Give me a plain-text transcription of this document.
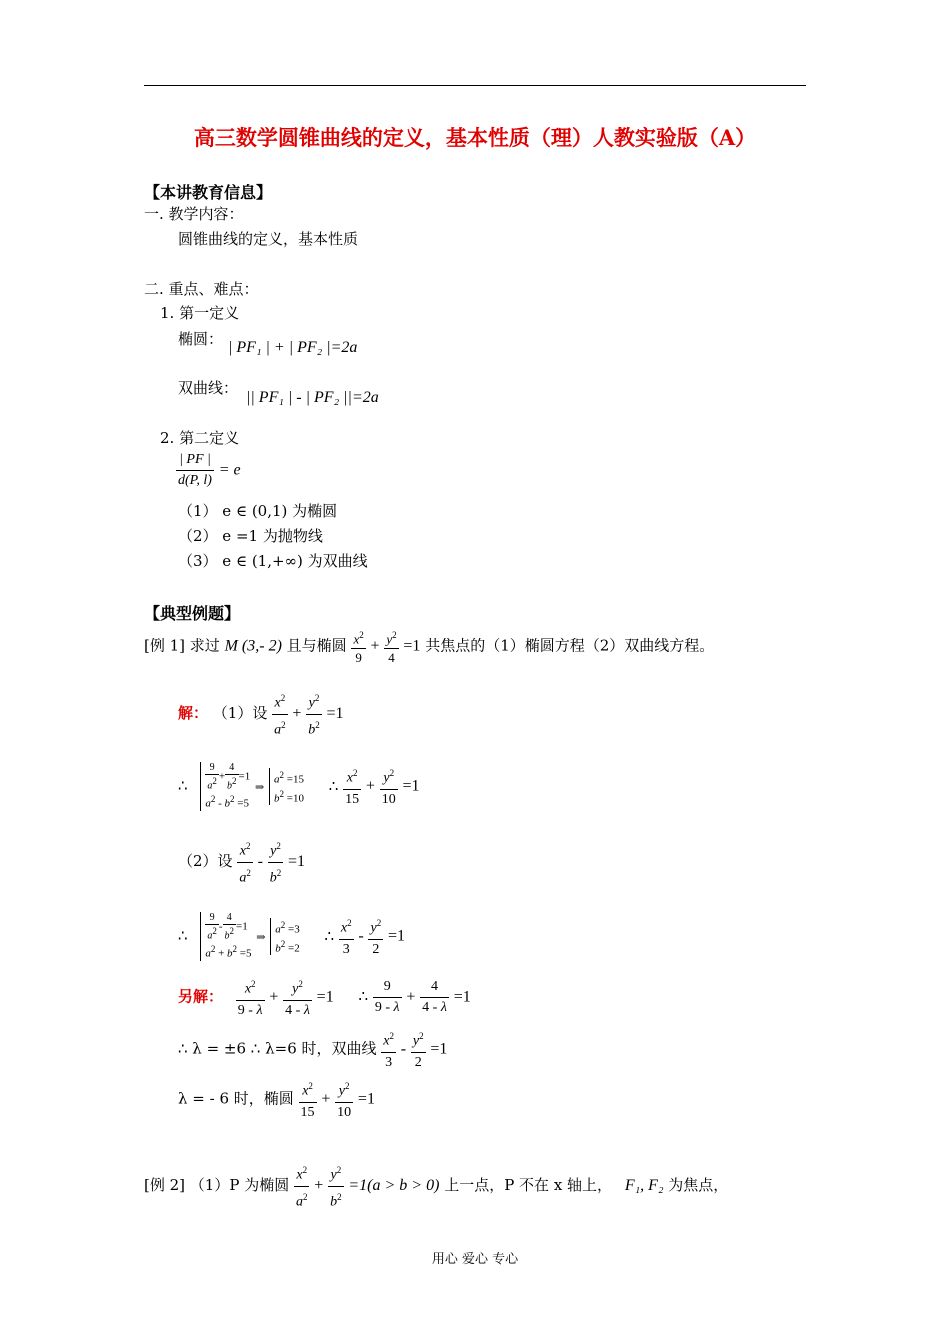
高三数学圆锥曲线的定义，基本性质（理）人教实验版（A）
【本讲教育信息】
一. 教学内容：
圆锥曲线的定义，基本性质
二. 重点、难点：
1. 第一定义
椭圆： | PF₁ | + | PF₂ |=2a
双曲线：
|| PF₁ | - | PF₂ ||=2a
2. 第二定义
$\frac{| PF |}{d(P, l)} = e$
（1） e ∈ (0,1) 为椭圆
（2） e =1 为抛物线
（3） e ∈ (1,+∞) 为双曲线
【典型例题】
[例 1] 求过 M (3,- 2) 且与椭圆 $\frac{x^2}{9} + \frac{y^2}{4} =1$ 共焦点的（1）椭圆方程（2）双曲线方程。
解： （1）设 $\frac{x^2}{a^2} + \frac{y^2}{b^2} =1$
∴ $\frac{9}{a^2} + \frac{4}{b^2} =1$
$a^2 - b^2 =5$ ⇒ $a^2 =15$
$b^2 =10$ ∴ $\frac{x^2}{15} + \frac{y^2}{10} =1$
（2）设 $\frac{x^2}{a^2} - \frac{y^2}{b^2} =1$
∴ $\frac{9}{a^2} - \frac{4}{b^2} =1$
$a^2 + b^2 =5$ ⇒ $a^2 =3$
$b^2 =2$ ∴ $\frac{x^2}{3} - \frac{y^2}{2} =1$
另解： $\frac{x^2}{9 - \lambda} + \frac{y^2}{4 - \lambda} =1$ ∴ $\frac{9}{9 - \lambda} + \frac{4}{4 - \lambda} =1$
∴ λ = ±6 ∴ λ=6 时，双曲线 $\frac{x^2}{3} - \frac{y^2}{2} =1$
λ = - 6 时，椭圆 $\frac{x^2}{15} + \frac{y^2}{10} =1$
[例 2] （1）P 为椭圆 $\frac{x^2}{a^2} + \frac{y^2}{b^2} =1(a > b > 0)$ 上一点，P 不在 x 轴上， F₁, F₂ 为焦点，
用心 爱心 专心
